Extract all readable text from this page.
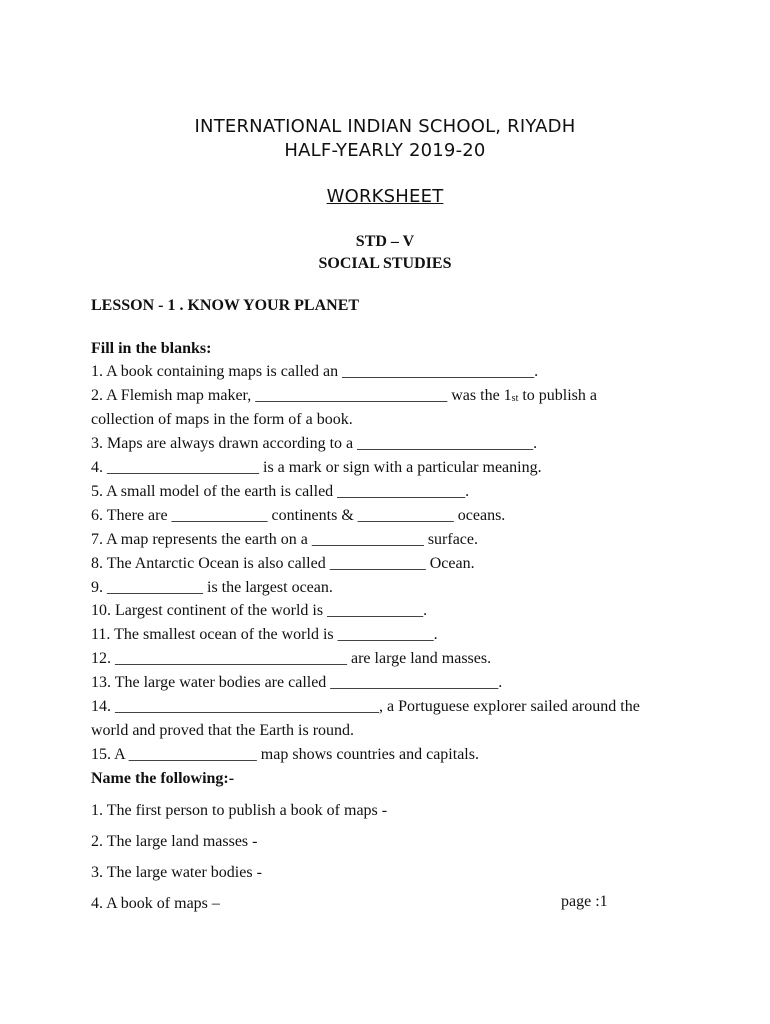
INTERNATIONAL INDIAN SCHOOL, RIYADH
HALF-YEARLY 2019-20
WORKSHEET
STD – V
SOCIAL STUDIES
LESSON - 1 . KNOW YOUR PLANET
Fill in the blanks:
1. A book containing maps is called an ________________________.
2. A Flemish map maker, ________________________ was the 1st to publish a
collection of maps in the form of a book.
3. Maps are always drawn according to a ______________________.
4. ___________________ is a mark or sign with a particular meaning.
5. A small model of the earth is called ________________.
6. There are ____________ continents & ____________ oceans.
7. A map represents the earth on a ______________ surface.
8. The Antarctic Ocean is also called ____________ Ocean.
9. ____________ is the largest ocean.
10. Largest continent of the world is ____________.
11. The smallest ocean of the world is ____________.
12. _____________________________ are large land masses.
13. The large water bodies are called _____________________.
14. _________________________________, a Portuguese explorer sailed around the
world and proved that the Earth is round.
15. A ________________ map shows countries and capitals.
Name the following:-
1. The first person to publish a book of maps -
2. The large land masses -
3. The large water bodies -
4. A book of maps –	page :1
